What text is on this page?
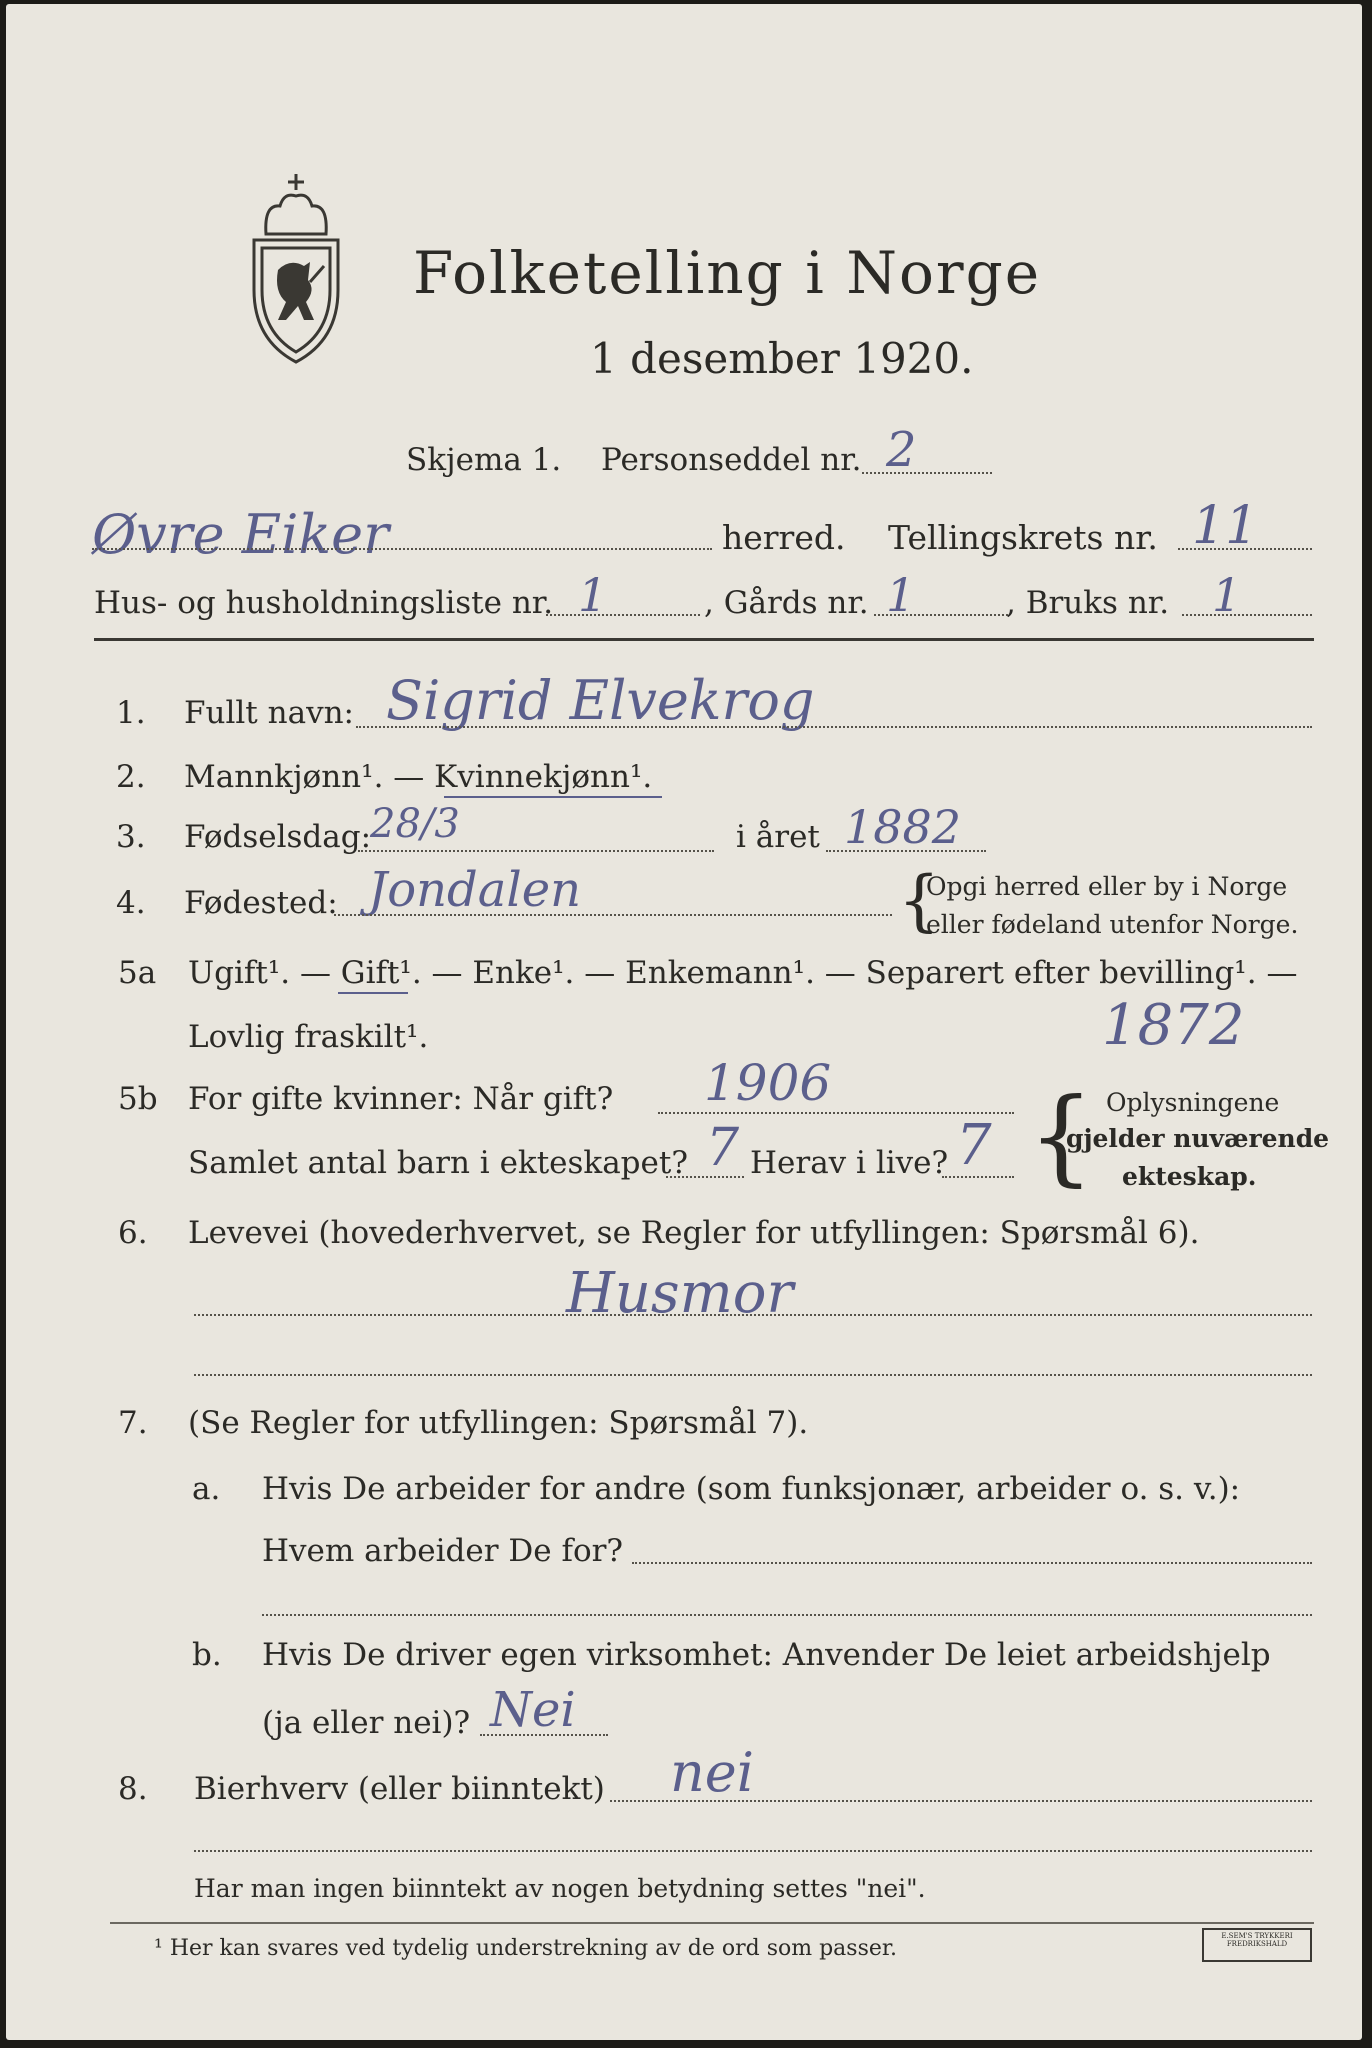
Folketelling i Norge
1 desember 1920.
Skjema 1. Personseddel nr. 2
Øvre Eiker	herred. Tellingskrets nr. 11
Hus- og husholdningsliste nr. 1	, Gårds nr. 1	, Bruks nr. 1
1. Fullt navn: Sigrid Elvekrog
2. Mannkjønn¹. — Kvinnekjønn¹.
3. Fødselsdag:
28/3	i året 1882
4. Fødested: Jondalen	{
Opgi herred eller by i Norge
eller fødeland utenfor Norge.
5a Ugift¹. — Gift¹. — Enke¹. — Enkemann¹. — Separert efter bevilling¹. —
Lovlig fraskilt¹.	1872
5b For gifte kvinner: Når gift? 1906
Samlet antal barn i ekteskapet? 7 Herav i live? 7 { Oplysningene
gjelder nuværende
ekteskap.
6. Levevei (hovederhvervet, se Regler for utfyllingen: Spørsmål 6).
Husmor
7. (Se Regler for utfyllingen: Spørsmål 7).
a. Hvis De arbeider for andre (som funksjonær, arbeider o. s. v.):
Hvem arbeider De for?
b. Hvis De driver egen virksomhet: Anvender De leiet arbeidshjelp
(ja eller nei)? Nei
8. Bierhverv (eller biinntekt) nei
Har man ingen biinntekt av nogen betydning settes "nei".
¹ Her kan svares ved tydelig understrekning av de ord som passer.	E.SEM'S TRYKKERI FREDRIKSHALD
